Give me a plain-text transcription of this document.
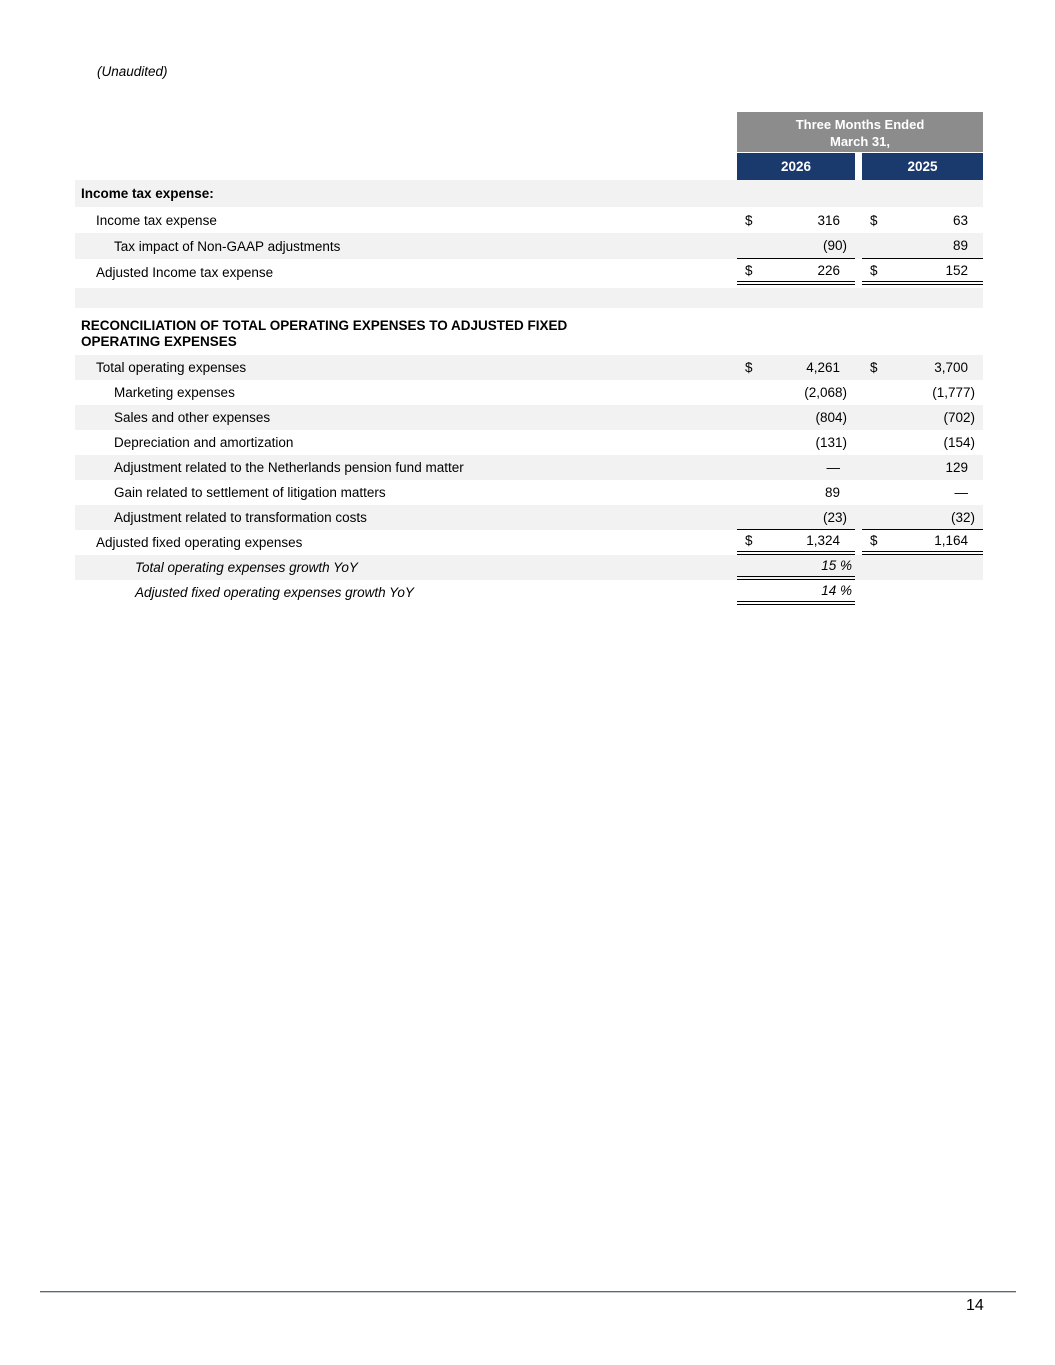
(Unaudited)
Three Months Ended
March 31,
2026	2025
Income tax expense:
Income tax expense	$	316	$	63
Tax impact of Non-GAAP adjustments	(90)	89
Adjusted Income tax expense	$	226	$	152
RECONCILIATION OF TOTAL OPERATING EXPENSES TO ADJUSTED FIXED
OPERATING EXPENSES
Total operating expenses	$	4,261	$	3,700
Marketing expenses	(2,068)	(1,777)
Sales and other expenses	(804)	(702)
Depreciation and amortization	(131)	(154)
Adjustment related to the Netherlands pension fund matter	—	129
Gain related to settlement of litigation matters	89	—
Adjustment related to transformation costs	(23)	(32)
Adjusted fixed operating expenses	$	1,324	$	1,164
Total operating expenses growth YoY	15 %
Adjusted fixed operating expenses growth YoY	14 %
14
